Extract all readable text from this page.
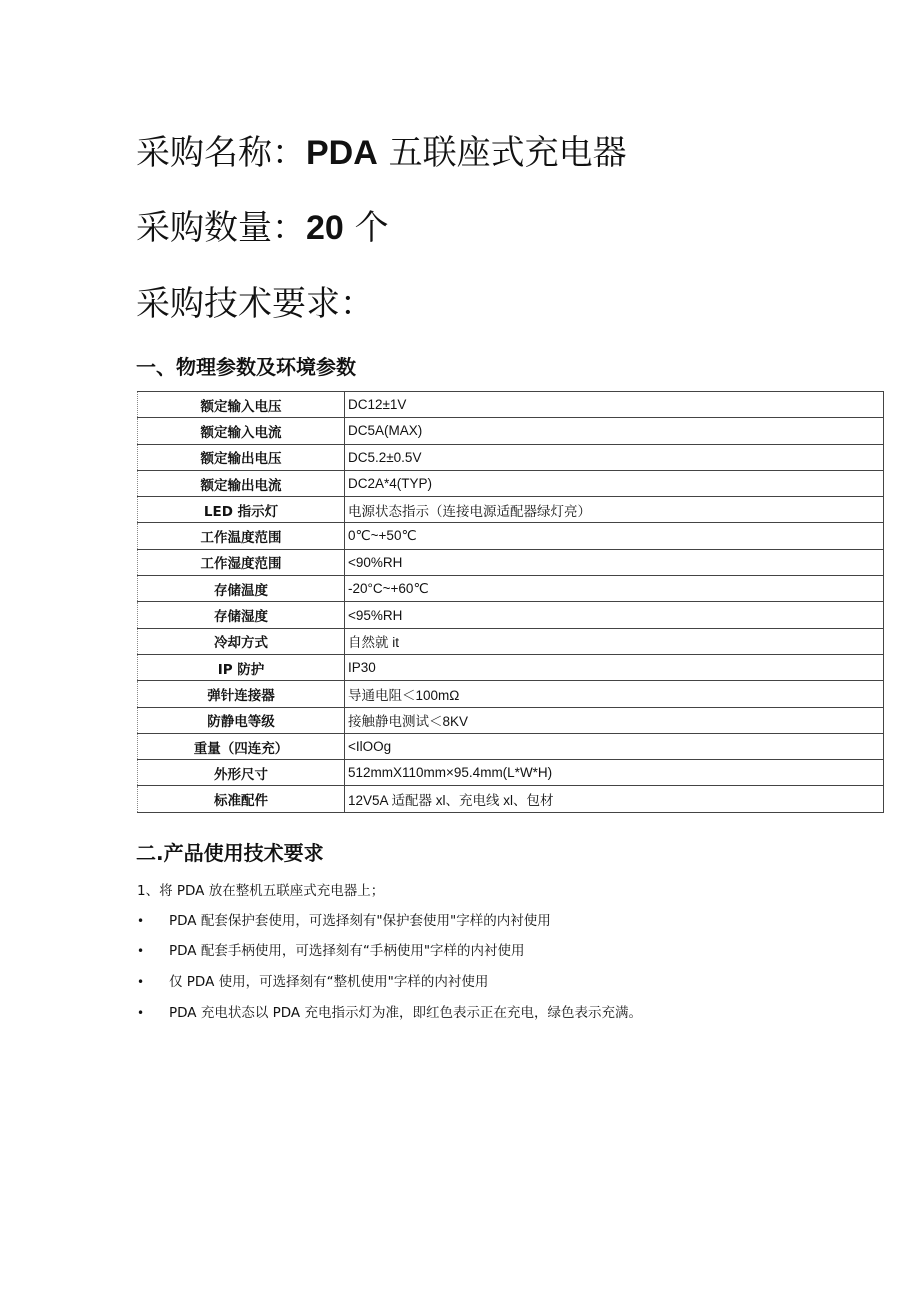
采购名称：PDA 五联座式充电器
采购数量：20 个
采购技术要求：
一、物理参数及环境参数
额定输入电压	DC12±1V
额定输入电流	DC5A(MAX)
额定输出电压	DC5.2±0.5V
额定输出电流	DC2A*4(TYP)
LED 指示灯	电源状态指示（连接电源适配器绿灯亮）
工作温度范围	0℃~+50℃
工作湿度范围	<90%RH
存储温度	-20°C~+60℃
存储湿度	<95%RH
冷却方式	自然就 it
IP 防护	IP30
弹针连接器	导通电阻＜100mΩ
防静电等级	接触静电测试＜8KV
重量（四连充）	<IlOOg
外形尺寸	512mmX110mm×95.4mm(L*W*H)
标准配件	12V5A 适配器 xl、充电线 xl、包材
二.产品使用技术要求

1、将 PDA 放在整机五联座式充电器上；

• PDA 配套保护套使用，可选择刻有"保护套使用"字样的内衬使用
• PDA 配套手柄使用，可选择刻有“手柄使用"字样的内衬使用
• 仅 PDA 使用，可选择刻有“整机使用"字样的内衬使用
• PDA 充电状态以 PDA 充电指示灯为准，即红色表示正在充电，绿色表示充满。
